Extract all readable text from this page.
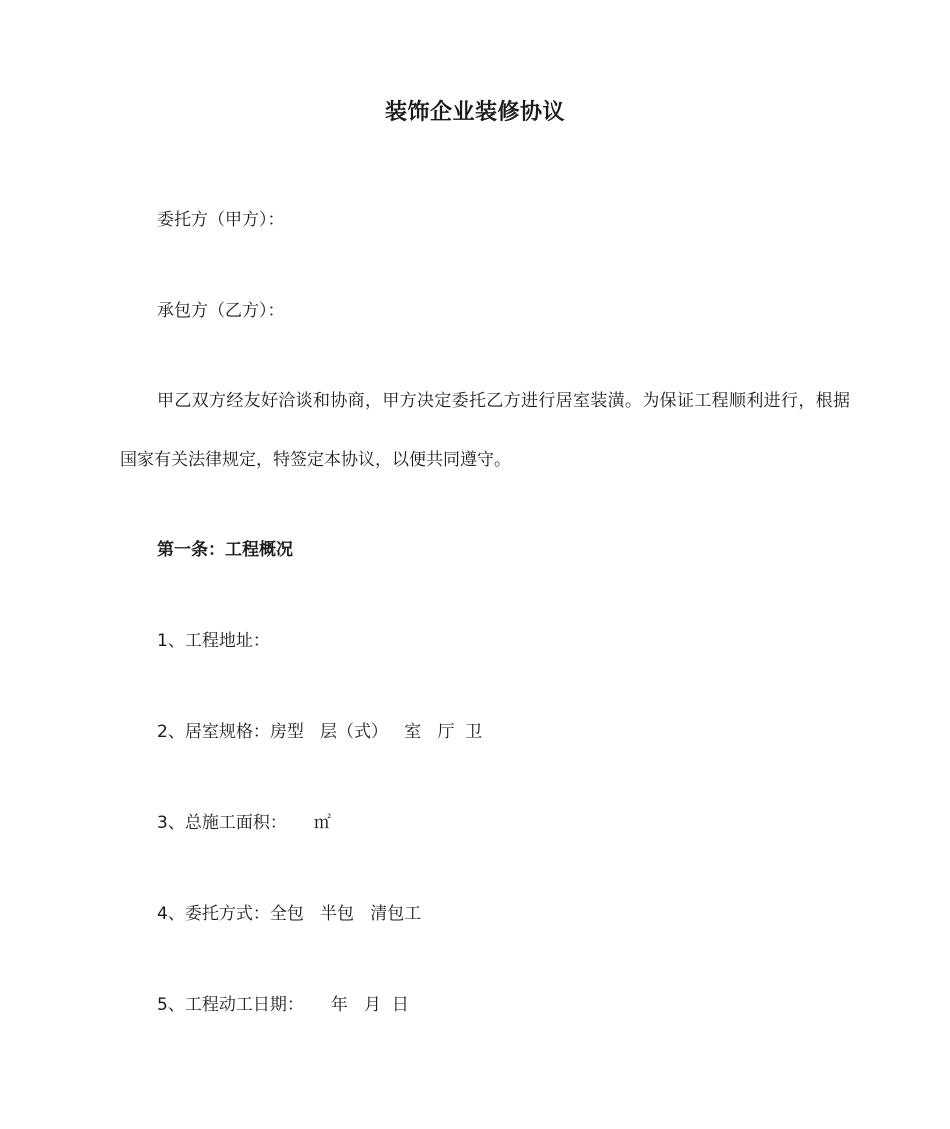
装饰企业装修协议
委托方（甲方）：
承包方（乙方）：
甲乙双方经友好洽谈和协商，甲方决定委托乙方进行居室装潢。为保证工程顺利进行，根据国家有关法律规定，特签定本协议，以便共同遵守。
第一条：工程概况
1、工程地址：
2、居室规格：房型   层（式）   室   厅  卫
3、总施工面积：     ㎡
4、委托方式：全包   半包   清包工
5、工程动工日期：     年   月  日
